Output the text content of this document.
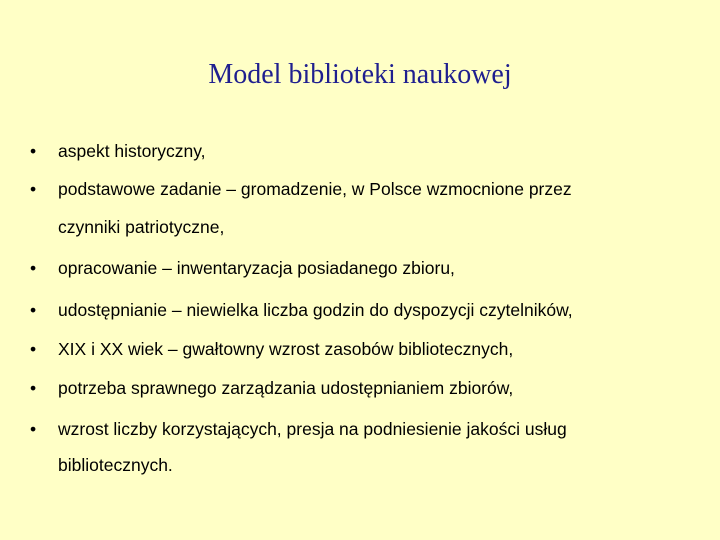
Model biblioteki naukowej
• aspekt historyczny,
• podstawowe zadanie – gromadzenie, w Polsce wzmocnione przez
czynniki patriotyczne,
• opracowanie – inwentaryzacja posiadanego zbioru,
• udostępnianie – niewielka liczba godzin do dyspozycji czytelników,
• XIX i XX wiek – gwałtowny wzrost zasobów bibliotecznych,
• potrzeba sprawnego zarządzania udostępnianiem zbiorów,
• wzrost liczby korzystających, presja na podniesienie jakości usług
bibliotecznych.
